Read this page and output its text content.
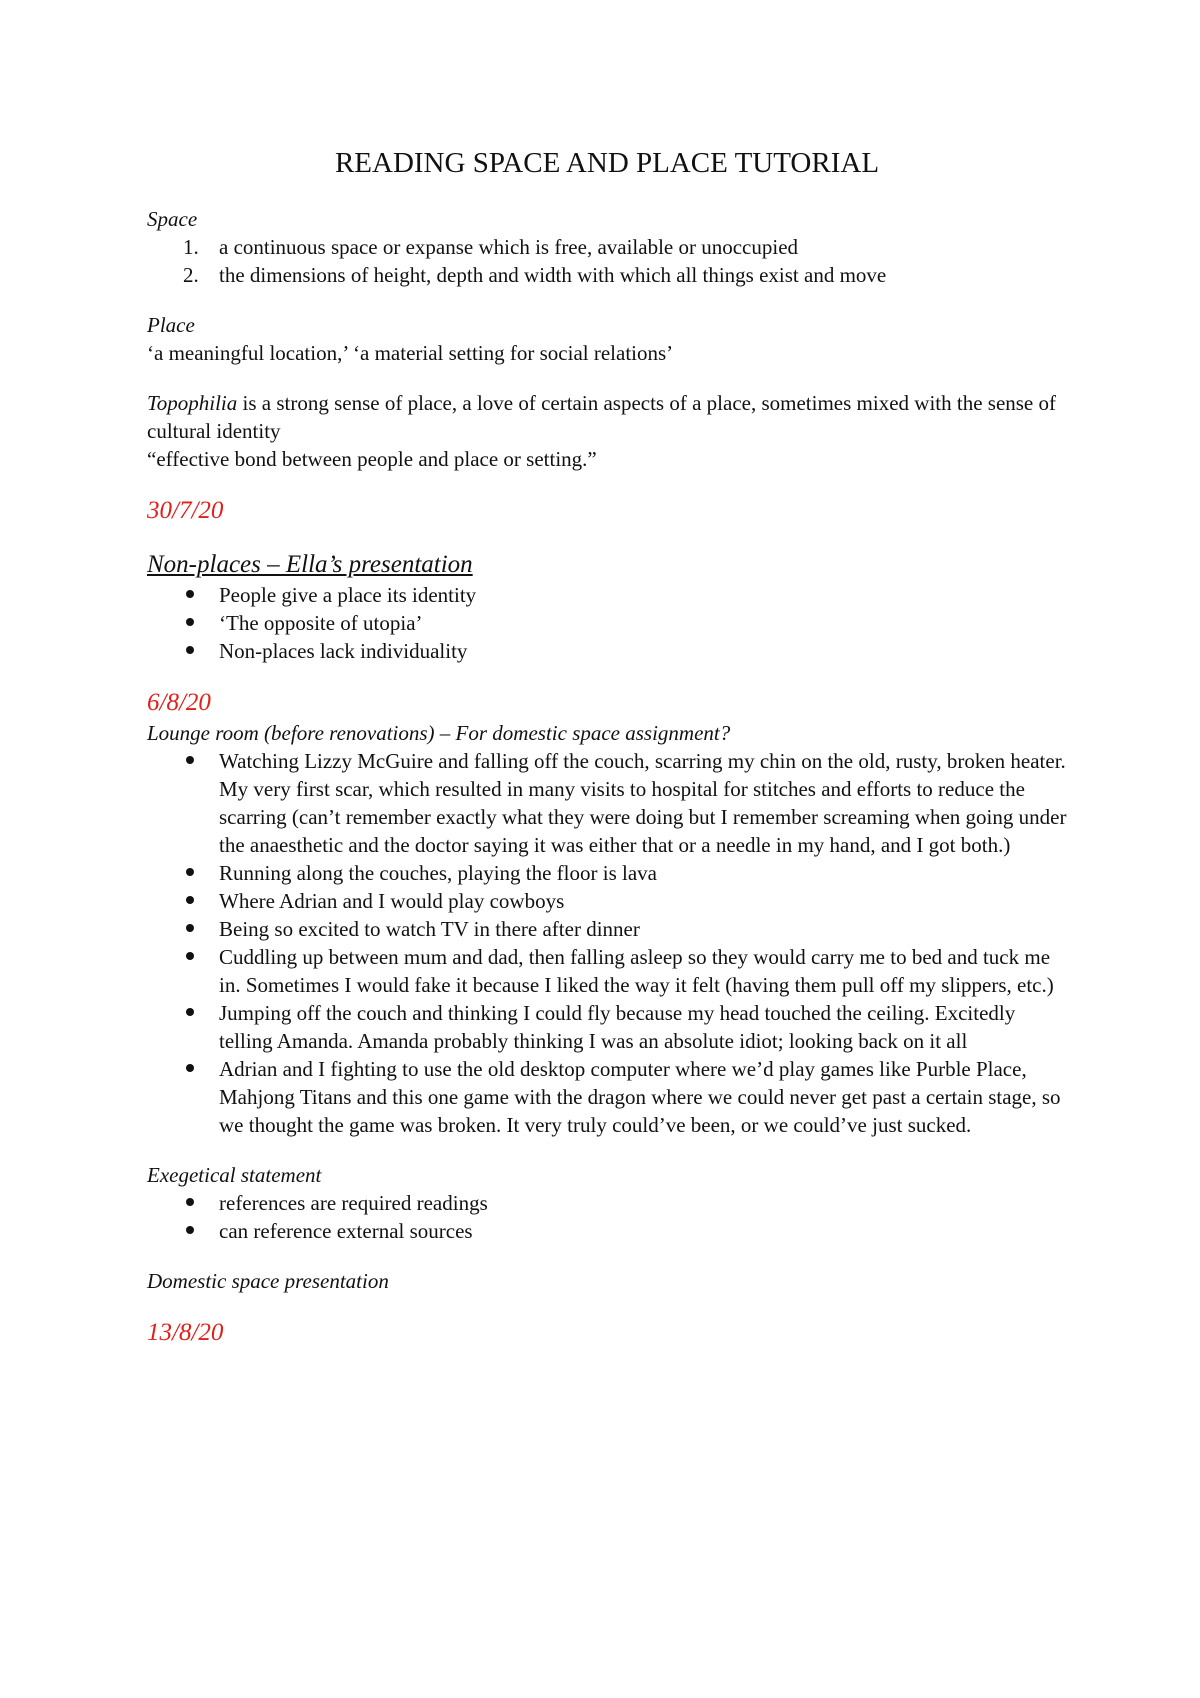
READING SPACE AND PLACE TUTORIAL

Space

1. a continuous space or expanse which is free, available or unoccupied
2. the dimensions of height, depth and width with which all things exist and move

Place

‘a meaningful location,’ ‘a material setting for social relations’

Topophilia is a strong sense of place, a love of certain aspects of a place, sometimes mixed with the sense of cultural identity

“effective bond between people and place or setting.”

30/7/20

Non-places – Ella’s presentation

People give a place its identity
‘The opposite of utopia’
Non-places lack individuality

6/8/20

Lounge room (before renovations) – For domestic space assignment?

Watching Lizzy McGuire and falling off the couch, scarring my chin on the old, rusty, broken heater. My very first scar, which resulted in many visits to hospital for stitches and efforts to reduce the scarring (can’t remember exactly what they were doing but I remember screaming when going under the anaesthetic and the doctor saying it was either that or a needle in my hand, and I got both.)
Running along the couches, playing the floor is lava
Where Adrian and I would play cowboys
Being so excited to watch TV in there after dinner
Cuddling up between mum and dad, then falling asleep so they would carry me to bed and tuck me in. Sometimes I would fake it because I liked the way it felt (having them pull off my slippers, etc.)
Jumping off the couch and thinking I could fly because my head touched the ceiling. Excitedly telling Amanda. Amanda probably thinking I was an absolute idiot; looking back on it all
Adrian and I fighting to use the old desktop computer where we’d play games like Purble Place, Mahjong Titans and this one game with the dragon where we could never get past a certain stage, so we thought the game was broken. It very truly could’ve been, or we could’ve just sucked.

Exegetical statement

references are required readings
can reference external sources

Domestic space presentation

13/8/20
